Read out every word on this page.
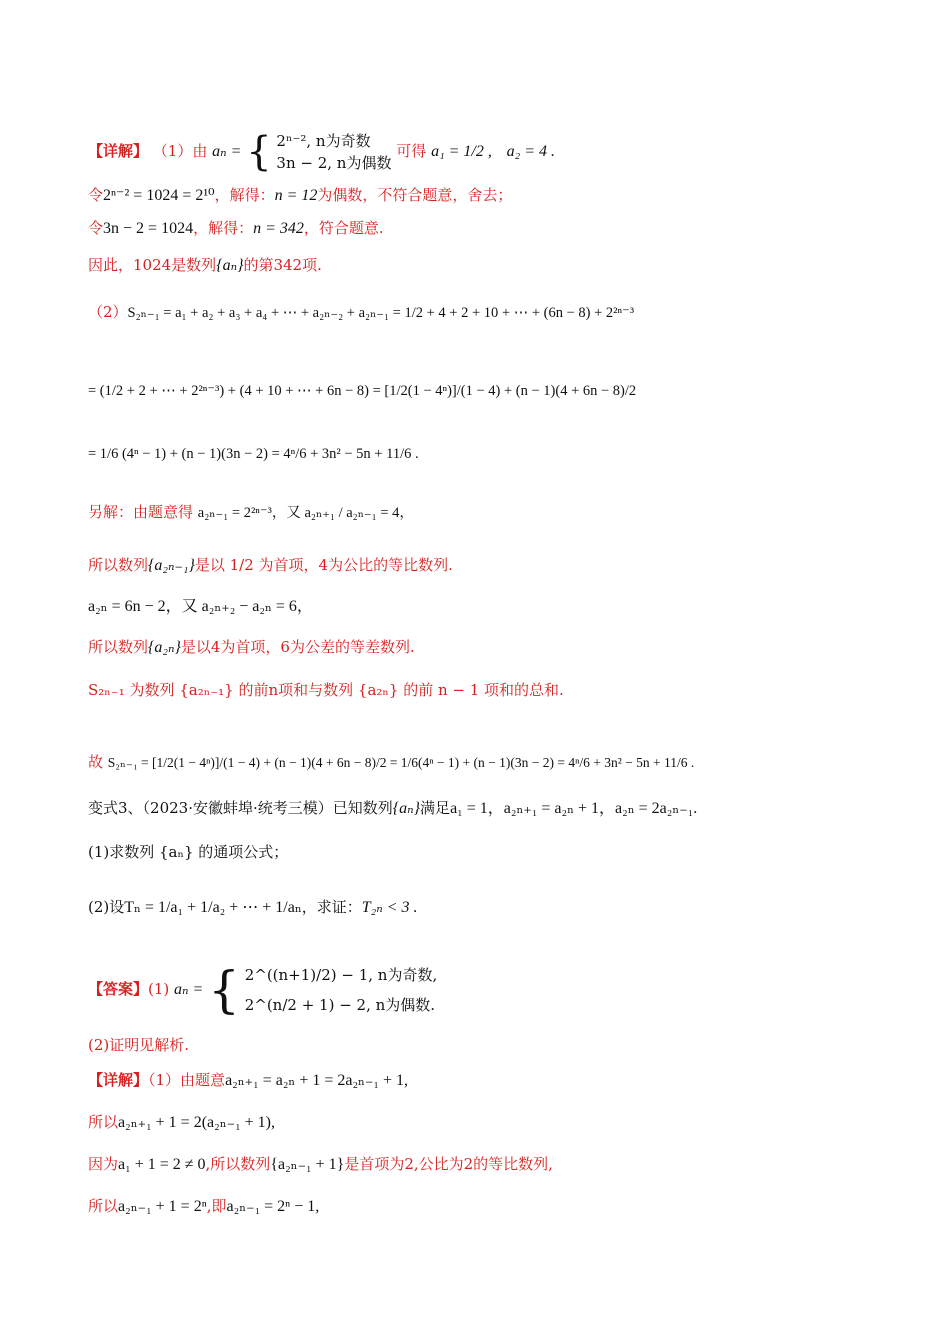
【详解】 （1）由 aₙ = { 2ⁿ⁻², n为奇数
3n − 2, n为偶数
可得 a₁ = 1/2 , a₂ = 4 .
令2ⁿ⁻² = 1024 = 2¹⁰，解得：n = 12为偶数，不符合题意，舍去；
令3n − 2 = 1024，解得：n = 342，符合题意.
因此，1024是数列{aₙ}的第342项.
（2）S₂ₙ₋₁ = a₁ + a₂ + a₃ + a₄ + ⋯ + a₂ₙ₋₂ + a₂ₙ₋₁ = 1/2 + 4 + 2 + 10 + ⋯ + (6n − 8) + 2²ⁿ⁻³
= (1/2 + 2 + ⋯ + 2²ⁿ⁻³) + (4 + 10 + ⋯ + 6n − 8) = [1/2(1 − 4ⁿ)]/(1 − 4) + (n − 1)(4 + 6n − 8)/2
= 1/6 (4ⁿ − 1) + (n − 1)(3n − 2) = 4ⁿ/6 + 3n² − 5n + 11/6 .
另解：由题意得 a₂ₙ₋₁ = 2²ⁿ⁻³，又 a₂ₙ₊₁ / a₂ₙ₋₁ = 4，
所以数列{a₂ₙ₋₁}是以 1/2 为首项，4为公比的等比数列.
a₂ₙ = 6n − 2，又 a₂ₙ₊₂ − a₂ₙ = 6，
所以数列{a₂ₙ}是以4为首项，6为公差的等差数列.
S₂ₙ₋₁ 为数列 {a₂ₙ₋₁} 的前n项和与数列 {a₂ₙ} 的前 n − 1 项和的总和.
故 S₂ₙ₋₁ = [1/2(1 − 4ⁿ)]/(1 − 4) + (n − 1)(4 + 6n − 8)/2 = 1/6(4ⁿ − 1) + (n − 1)(3n − 2) = 4ⁿ/6 + 3n² − 5n + 11/6 .
变式3、（2023·安徽蚌埠·统考三模）已知数列{aₙ}满足a₁ = 1，a₂ₙ₊₁ = a₂ₙ + 1，a₂ₙ = 2a₂ₙ₋₁.
(1)求数列 {aₙ} 的通项公式；
(2)设Tₙ = 1/a₁ + 1/a₂ + ⋯ + 1/aₙ，求证：T₂ₙ < 3 .
【答案】(1) aₙ = { 2^((n+1)/2) − 1, n为奇数,
2^(n/2 + 1) − 2, n为偶数.
(2)证明见解析.
【详解】（1）由题意a₂ₙ₊₁ = a₂ₙ + 1 = 2a₂ₙ₋₁ + 1,
所以a₂ₙ₊₁ + 1 = 2(a₂ₙ₋₁ + 1),
因为a₁ + 1 = 2 ≠ 0,所以数列{a₂ₙ₋₁ + 1}是首项为2,公比为2的等比数列,
所以a₂ₙ₋₁ + 1 = 2ⁿ,即a₂ₙ₋₁ = 2ⁿ − 1,
